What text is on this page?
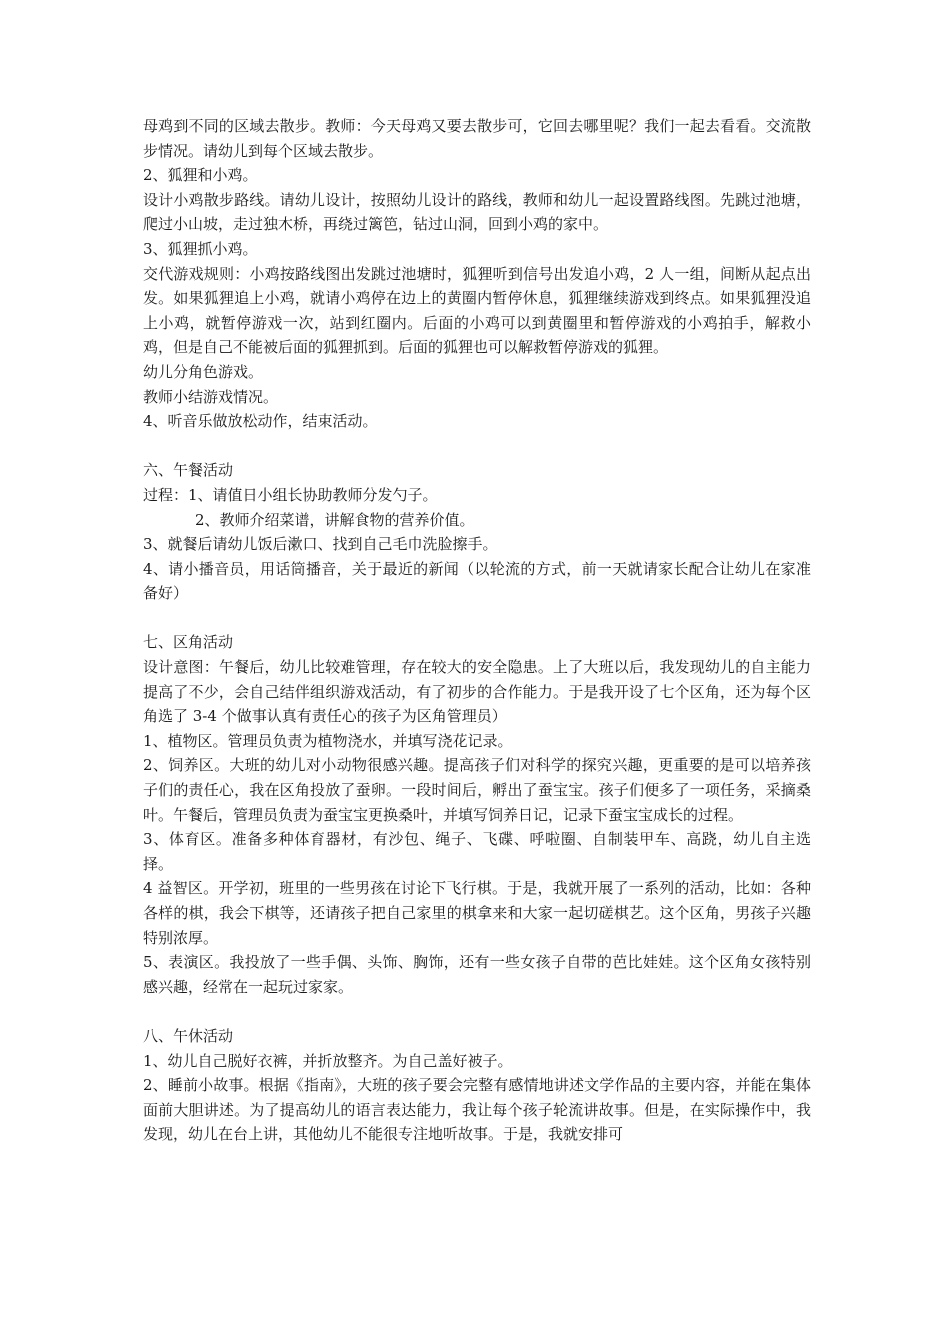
母鸡到不同的区域去散步。教师：今天母鸡又要去散步可，它回去哪里呢？我们一起去看看。交流散步情况。请幼儿到每个区域去散步。

2、狐狸和小鸡。

设计小鸡散步路线。请幼儿设计，按照幼儿设计的路线，教师和幼儿一起设置路线图。先跳过池塘，爬过小山坡，走过独木桥，再绕过篱笆，钻过山洞，回到小鸡的家中。

3、狐狸抓小鸡。

交代游戏规则：小鸡按路线图出发跳过池塘时，狐狸听到信号出发追小鸡，2 人一组，间断从起点出发。如果狐狸追上小鸡，就请小鸡停在边上的黄圈内暂停休息，狐狸继续游戏到终点。如果狐狸没追上小鸡，就暂停游戏一次，站到红圈内。后面的小鸡可以到黄圈里和暂停游戏的小鸡拍手，解救小鸡，但是自己不能被后面的狐狸抓到。后面的狐狸也可以解救暂停游戏的狐狸。

幼儿分角色游戏。

教师小结游戏情况。

4、听音乐做放松动作，结束活动。

六、午餐活动

过程：1、请值日小组长协助教师分发勺子。

2、教师介绍菜谱，讲解食物的营养价值。

3、就餐后请幼儿饭后漱口、找到自己毛巾洗脸擦手。

4、请小播音员，用话筒播音，关于最近的新闻（以轮流的方式，前一天就请家长配合让幼儿在家准备好）

七、区角活动

设计意图：午餐后，幼儿比较难管理，存在较大的安全隐患。上了大班以后，我发现幼儿的自主能力提高了不少，会自己结伴组织游戏活动，有了初步的合作能力。于是我开设了七个区角，还为每个区角选了 3-4 个做事认真有责任心的孩子为区角管理员）

1、植物区。管理员负责为植物浇水，并填写浇花记录。

2、饲养区。大班的幼儿对小动物很感兴趣。提高孩子们对科学的探究兴趣，更重要的是可以培养孩子们的责任心，我在区角投放了蚕卵。一段时间后，孵出了蚕宝宝。孩子们便多了一项任务，采摘桑叶。午餐后，管理员负责为蚕宝宝更换桑叶，并填写饲养日记，记录下蚕宝宝成长的过程。

3、体育区。准备多种体育器材，有沙包、绳子、飞碟、呼啦圈、自制装甲车、高跷，幼儿自主选择。

4 益智区。开学初，班里的一些男孩在讨论下飞行棋。于是，我就开展了一系列的活动，比如：各种各样的棋，我会下棋等，还请孩子把自己家里的棋拿来和大家一起切磋棋艺。这个区角，男孩子兴趣特别浓厚。

5、表演区。我投放了一些手偶、头饰、胸饰，还有一些女孩子自带的芭比娃娃。这个区角女孩特别感兴趣，经常在一起玩过家家。

八、午休活动

1、幼儿自己脱好衣裤，并折放整齐。为自己盖好被子。

2、睡前小故事。根据《指南》，大班的孩子要会完整有感情地讲述文学作品的主要内容，并能在集体面前大胆讲述。为了提高幼儿的语言表达能力，我让每个孩子轮流讲故事。但是，在实际操作中，我发现，幼儿在台上讲，其他幼儿不能很专注地听故事。于是，我就安排可
